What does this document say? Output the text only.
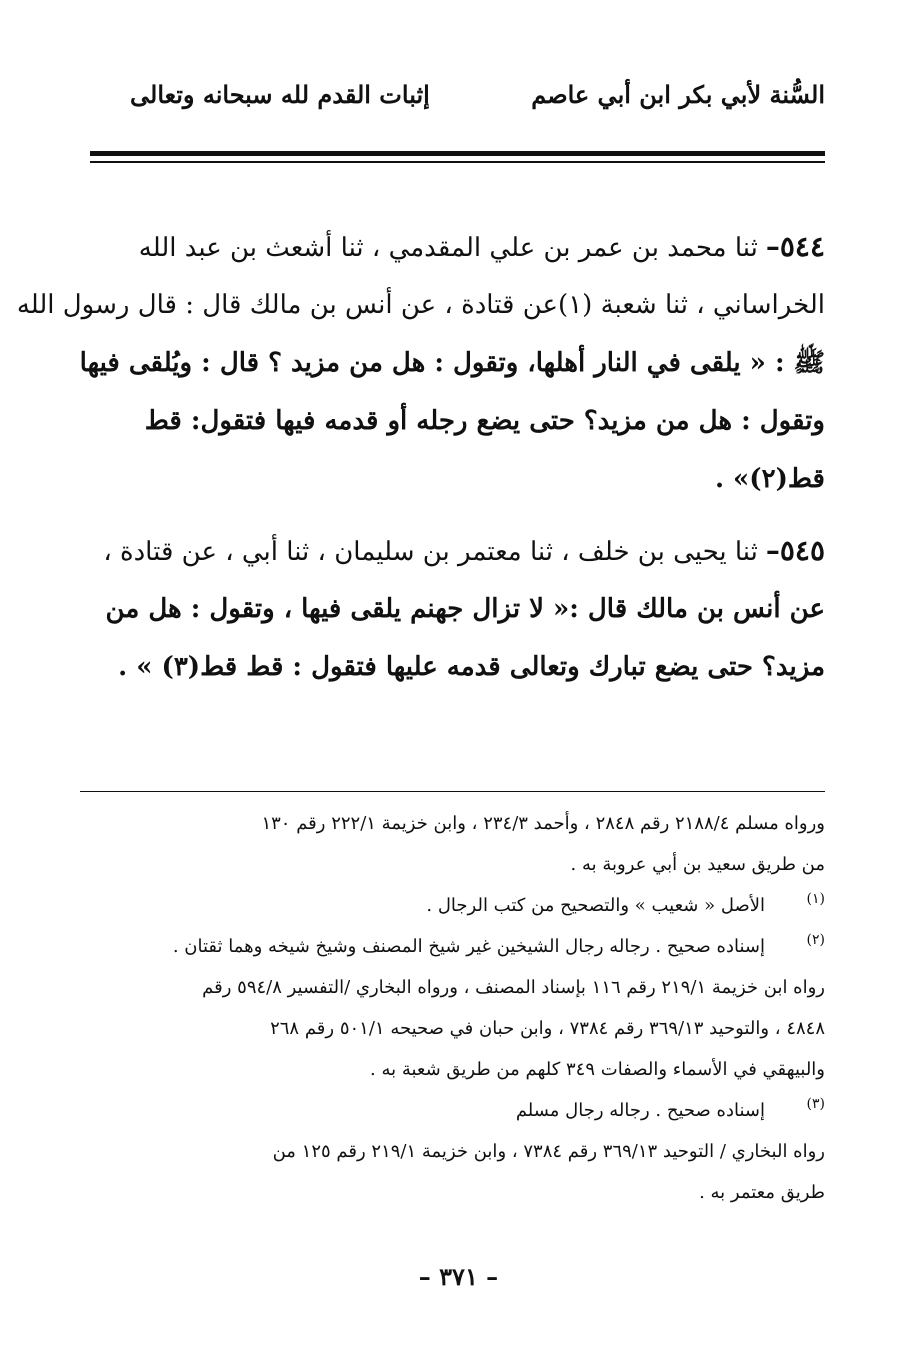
السُّنة لأبي بكر ابن أبي عاصم
إثبات القدم لله سبحانه وتعالى
٥٤٤–ثنا محمد بن عمر بن علي المقدمي ، ثنا أشعث بن عبد الله
الخراساني ، ثنا شعبة (١)عن قتادة ، عن أنس بن مالك قال : قال رسول الله
ﷺ : « يلقى في النار أهلها، وتقول : هل من مزيد ؟ قال : ويُلقى فيها
وتقول : هل من مزيد؟ حتى يضع رجله أو قدمه فيها فتقول: قط
قط(٢)» .
٥٤٥–ثنا يحيى بن خلف ، ثنا معتمر بن سليمان ، ثنا أبي ، عن قتادة ،
عن أنس بن مالك قال :« لا تزال جهنم يلقى فيها ، وتقول : هل من
مزيد؟ حتى يضع تبارك وتعالى قدمه عليها فتقول : قط قط(٣) » .
ورواه مسلم ٢١٨٨/٤ رقم ٢٨٤٨ ، وأحمد ٢٣٤/٣ ، وابن خزيمة ٢٢٢/١ رقم ١٣٠
من طريق سعيد بن أبي عروبة به .
(١)
الأصل « شعيب » والتصحيح من كتب الرجال .
(٢)
إسناده صحيح . رجاله رجال الشيخين غير شيخ المصنف وشيخ شيخه وهما ثقتان .
رواه ابن خزيمة ٢١٩/١ رقم ١١٦ بإسناد المصنف ، ورواه البخاري /التفسير ٥٩٤/٨ رقم
٤٨٤٨ ، والتوحيد ٣٦٩/١٣ رقم ٧٣٨٤ ، وابن حبان في صحيحه ٥٠١/١ رقم ٢٦٨
والبيهقي في الأسماء والصفات ٣٤٩ كلهم من طريق شعبة به .
(٣)
إسناده صحيح . رجاله رجال مسلم
رواه البخاري / التوحيد ٣٦٩/١٣ رقم ٧٣٨٤ ، وابن خزيمة ٢١٩/١ رقم ١٢٥ من
طريق معتمر به .
– ٣٧١ –
